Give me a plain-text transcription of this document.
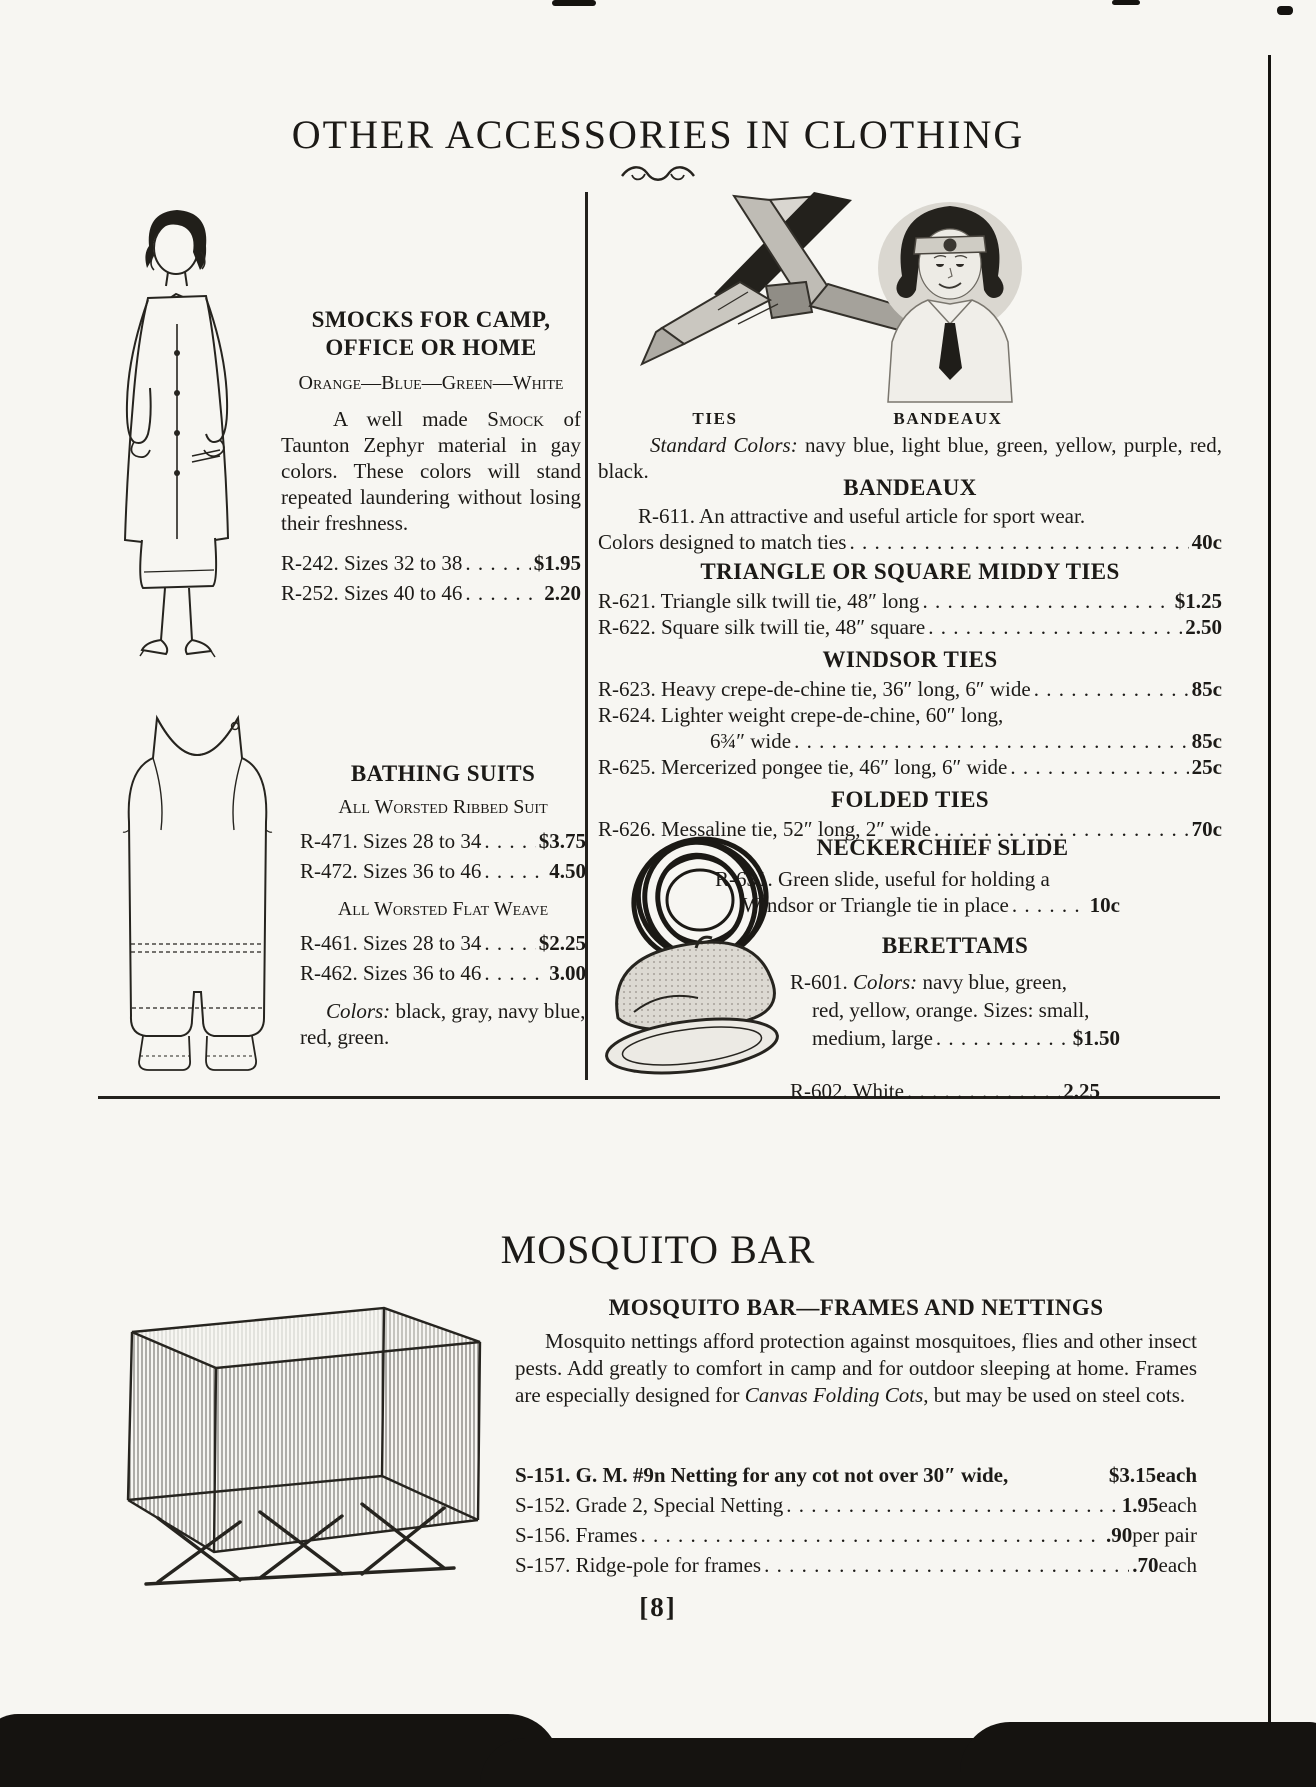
OTHER ACCESSORIES IN CLOTHING
SMOCKS FOR CAMP,
OFFICE OR HOME
Orange—Blue—Green—White
A well made Smock of Taunton Zephyr material in gay colors. These colors will stand repeated laundering without losing their freshness.
R-242. Sizes 32 to 38 . . .	$1.95
R-252. Sizes 40 to 46 . . .	2.20
BATHING SUITS
All Worsted Ribbed Suit
R-471. Sizes 28 to 34 . . .	$3.75
R-472. Sizes 36 to 46 . . .	4.50
All Worsted Flat Weave
R-461. Sizes 28 to 34 . . .	$2.25
R-462. Sizes 36 to 46 . . .	3.00
Colors: black, gray, navy blue, red, green.
TIES	BANDEAUX
Standard Colors: navy blue, light blue, green, yellow, purple, red, black.
BANDEAUX
R-611. An attractive and useful article for sport wear.
Colors designed to match ties . . .	40c
TRIANGLE OR SQUARE MIDDY TIES
R-621. Triangle silk twill tie, 48″ long . . .	$1.25
R-622. Square silk twill tie, 48″ square . . .	2.50
WINDSOR TIES
R-623. Heavy crepe-de-chine tie, 36″ long, 6″ wide . . .	85c
R-624. Lighter weight crepe-de-chine, 60″ long,
6¾″ wide . . .	85c
R-625. Mercerized pongee tie, 46″ long, 6″ wide . . .	25c
FOLDED TIES
R-626. Messaline tie, 52″ long, 2″ wide . . .	70c
NECKERCHIEF SLIDE
R-631. Green slide, useful for holding a
Windsor or Triangle tie in place . . .	10c
BERETTAMS
R-601. Colors: navy blue, green,
red, yellow, orange. Sizes: small,
medium, large . . .	$1.50
R-602. White . . .	2.25
MOSQUITO BAR
MOSQUITO BAR—FRAMES AND NETTINGS
Mosquito nettings afford protection against mosquitoes, flies and other insect pests. Add greatly to comfort in camp and for outdoor sleeping at home. Frames are especially designed for Canvas Folding Cots, but may be used on steel cots.
S-151. G. M. #9n Netting for any cot not over 30″ wide,	$3.15 each
S-152. Grade 2, Special Netting . . .	1.95 each
S-156. Frames . . .	.90 per pair
S-157. Ridge-pole for frames . . .	.70 each
[8]
